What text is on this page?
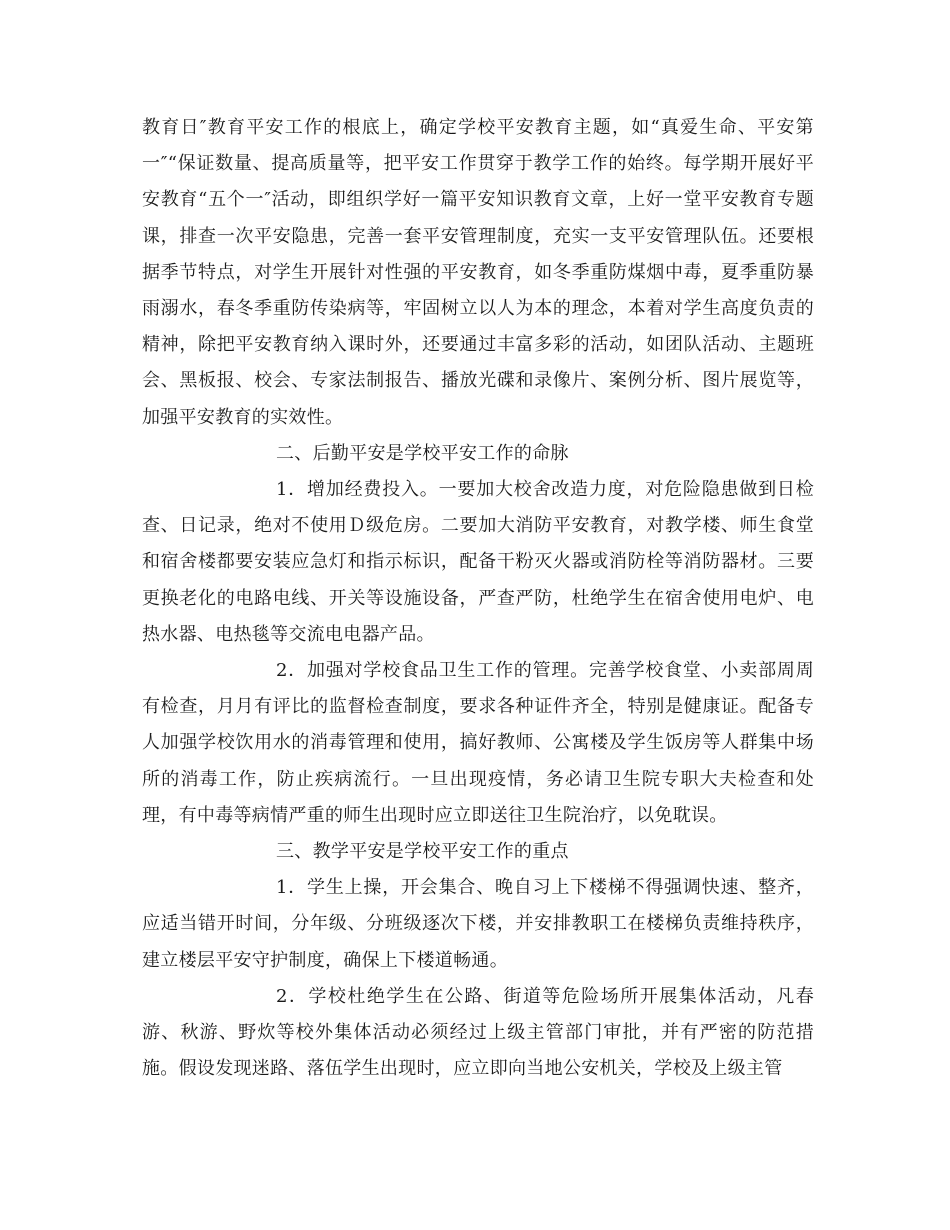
教育日″教育平安工作的根底上，确定学校平安教育主题，如“真爱生命、平安第一″“保证数量、提高质量等，把平安工作贯穿于教学工作的始终。每学期开展好平安教育“五个一″活动，即组织学好一篇平安知识教育文章，上好一堂平安教育专题课，排查一次平安隐患，完善一套平安管理制度，充实一支平安管理队伍。还要根据季节特点，对学生开展针对性强的平安教育，如冬季重防煤烟中毒，夏季重防暴雨溺水，春冬季重防传染病等，牢固树立以人为本的理念，本着对学生高度负责的精神，除把平安教育纳入课时外，还要通过丰富多彩的活动，如团队活动、主题班会、黑板报、校会、专家法制报告、播放光碟和录像片、案例分析、图片展览等，加强平安教育的实效性。

二、后勤平安是学校平安工作的命脉

1．增加经费投入。一要加大校舍改造力度，对危险隐患做到日检查、日记录，绝对不使用Ｄ级危房。二要加大消防平安教育，对教学楼、师生食堂和宿舍楼都要安装应急灯和指示标识，配备干粉灭火器或消防栓等消防器材。三要更换老化的电路电线、开关等设施设备，严查严防，杜绝学生在宿舍使用电炉、电热水器、电热毯等交流电电器产品。

2．加强对学校食品卫生工作的管理。完善学校食堂、小卖部周周有检查，月月有评比的监督检查制度，要求各种证件齐全，特别是健康证。配备专人加强学校饮用水的消毒管理和使用，搞好教师、公寓楼及学生饭房等人群集中场所的消毒工作，防止疾病流行。一旦出现疫情，务必请卫生院专职大夫检查和处理，有中毒等病情严重的师生出现时应立即送往卫生院治疗，以免耽误。

三、教学平安是学校平安工作的重点

1．学生上操，开会集合、晚自习上下楼梯不得强调快速、整齐，应适当错开时间，分年级、分班级逐次下楼，并安排教职工在楼梯负责维持秩序，建立楼层平安守护制度，确保上下楼道畅通。

2．学校杜绝学生在公路、街道等危险场所开展集体活动，凡春游、秋游、野炊等校外集体活动必须经过上级主管部门审批，并有严密的防范措施。假设发现迷路、落伍学生出现时，应立即向当地公安机关，学校及上级主管
